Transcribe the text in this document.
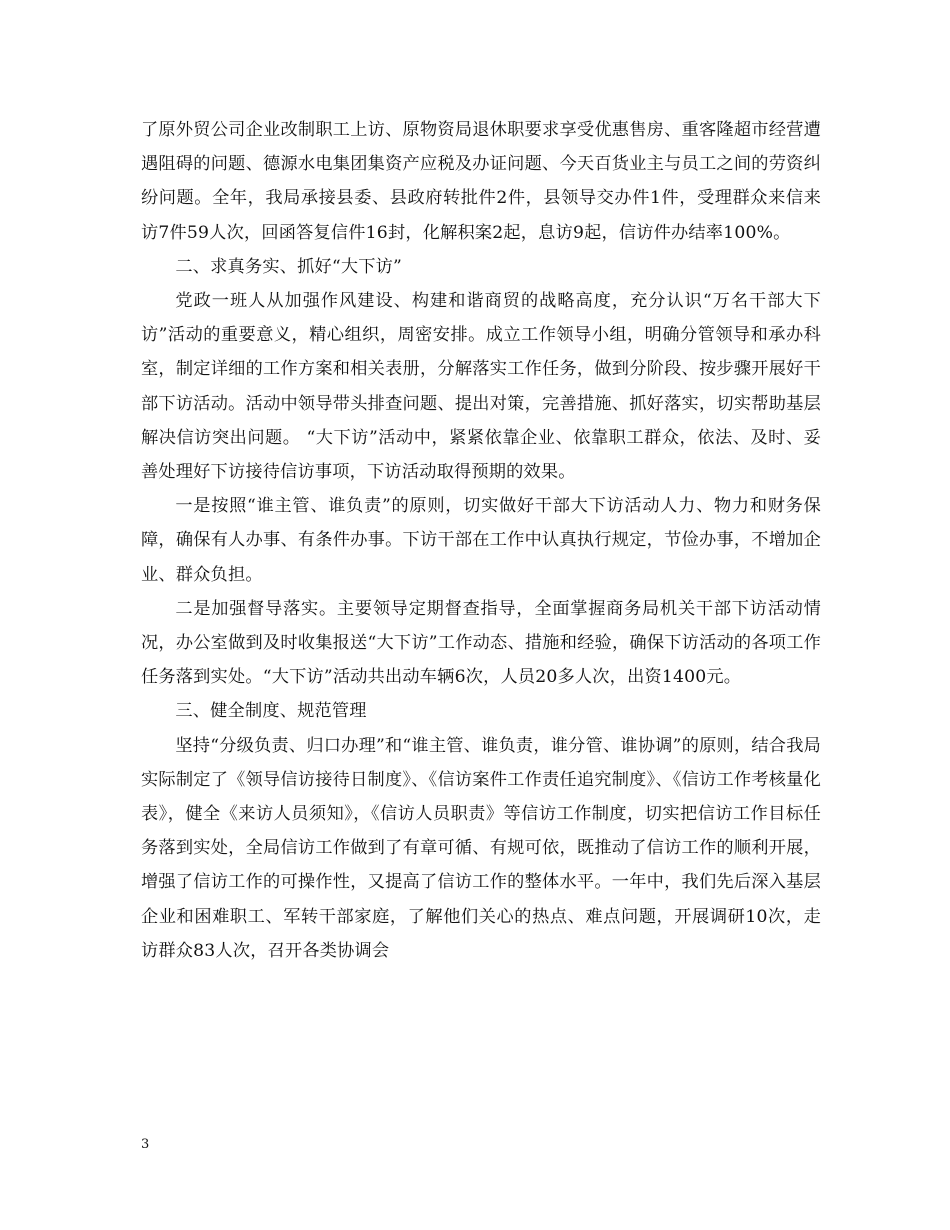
了原外贸公司企业改制职工上访、原物资局退休职要求享受优惠售房、重客隆超市经营遭遇阻碍的问题、德源水电集团集资产应税及办证问题、今天百货业主与员工之间的劳资纠纷问题。全年，我局承接县委、县政府转批件2件，县领导交办件1件，受理群众来信来访7件59人次，回函答复信件16封，化解积案2起，息访9起，信访件办结率100%。

二、求真务实、抓好“大下访”

党政一班人从加强作风建设、构建和谐商贸的战略高度，充分认识“万名干部大下访”活动的重要意义，精心组织，周密安排。成立工作领导小组，明确分管领导和承办科室，制定详细的工作方案和相关表册，分解落实工作任务，做到分阶段、按步骤开展好干部下访活动。活动中领导带头排查问题、提出对策，完善措施、抓好落实，切实帮助基层解决信访突出问题。 “大下访”活动中，紧紧依靠企业、依靠职工群众，依法、及时、妥善处理好下访接待信访事项，下访活动取得预期的效果。

一是按照“谁主管、谁负责”的原则，切实做好干部大下访活动人力、物力和财务保障，确保有人办事、有条件办事。下访干部在工作中认真执行规定，节俭办事，不增加企业、群众负担。

二是加强督导落实。主要领导定期督查指导，全面掌握商务局机关干部下访活动情况，办公室做到及时收集报送“大下访”工作动态、措施和经验，确保下访活动的各项工作任务落到实处。“大下访”活动共出动车辆6次，人员20多人次，出资1400元。

三、健全制度、规范管理

坚持“分级负责、归口办理”和“谁主管、谁负责，谁分管、谁协调”的原则，结合我局实际制定了《领导信访接待日制度》、《信访案件工作责任追究制度》、《信访工作考核量化表》，健全《来访人员须知》，《信访人员职责》等信访工作制度，切实把信访工作目标任务落到实处，全局信访工作做到了有章可循、有规可依，既推动了信访工作的顺利开展，增强了信访工作的可操作性，又提高了信访工作的整体水平。一年中，我们先后深入基层企业和困难职工、军转干部家庭，了解他们关心的热点、难点问题，开展调研10次，走访群众83人次，召开各类协调会

3
